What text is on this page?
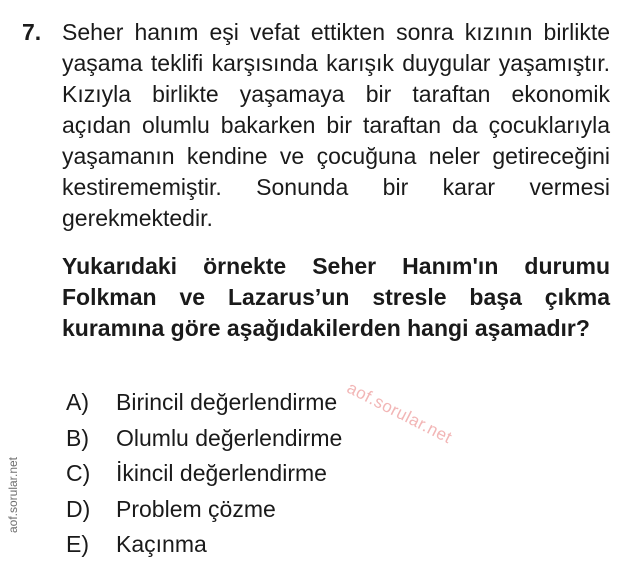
7. Seher hanım eşi vefat ettikten sonra kızının birlikte yaşama teklifi karşısında karışık duygular yaşamıştır. Kızıyla birlikte yaşamaya bir taraftan ekonomik açıdan olumlu bakarken bir taraftan da çocuklarıyla yaşamanın kendine ve çocuğuna neler getireceğini kestirememiştir. Sonunda bir karar vermesi gerekmektedir.

Yukarıdaki örnekte Seher Hanım'ın durumu Folkman ve Lazarus’un stresle başa çıkma kuramına göre aşağıdakilerden hangi aşamadır?

A)	Birincil değerlendirme
B)	Olumlu değerlendirme
C)	İkincil değerlendirme
D)	Problem çözme
E)	Kaçınma
aof.sorular.net
aof.sorular.net
